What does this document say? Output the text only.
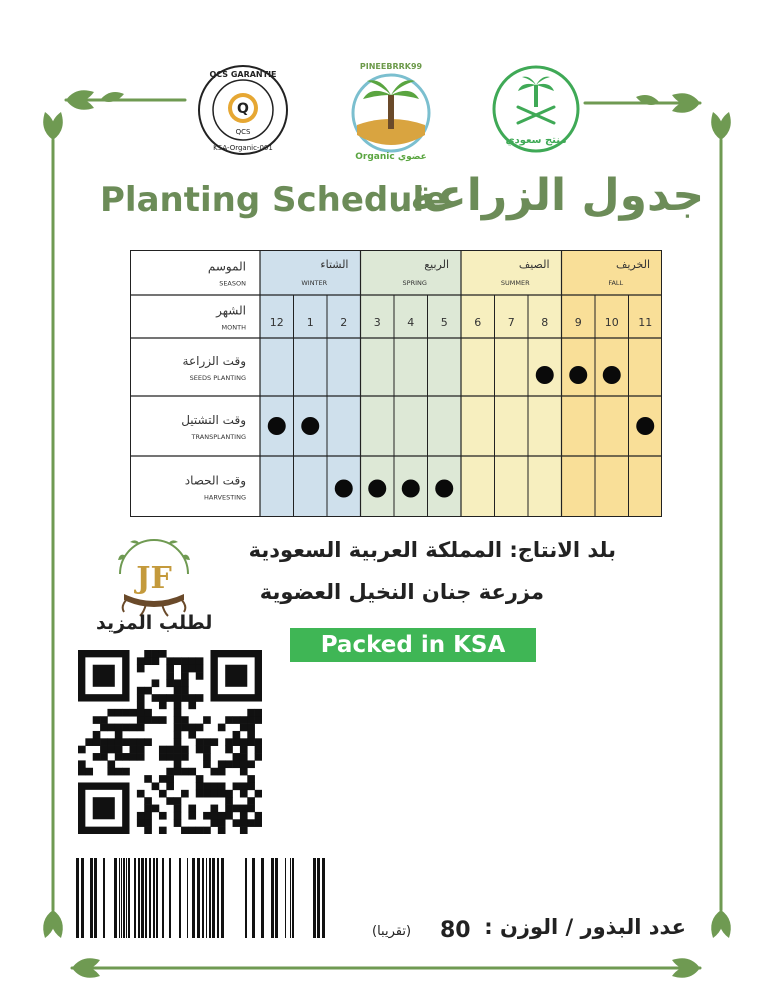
Q
QCS
QCS GARANTIE
KSA-Organic-001
PINEEBRRK99
Organic عضوي
منتج سعودي
Planting Schedule
جدول الزراعة
الموسم
SEASON
الشهر
MONTH
وقت الزراعة
SEEDS PLANTING
وقت التشتيل
TRANSPLANTING
وقت الحصاد
HARVESTING
الشتاء
WINTER
الربيع
SPRING
الصيف
SUMMER
الخريف
FALL
12 1 2 3 4 5 6 7 8 9 10 11
JF
بلد الانتاج: المملكة العربية السعودية
مزرعة جنان النخيل العضوية
Packed in KSA
لطلب المزيد
عدد البذور / الوزن :
80
(تقريبا)
